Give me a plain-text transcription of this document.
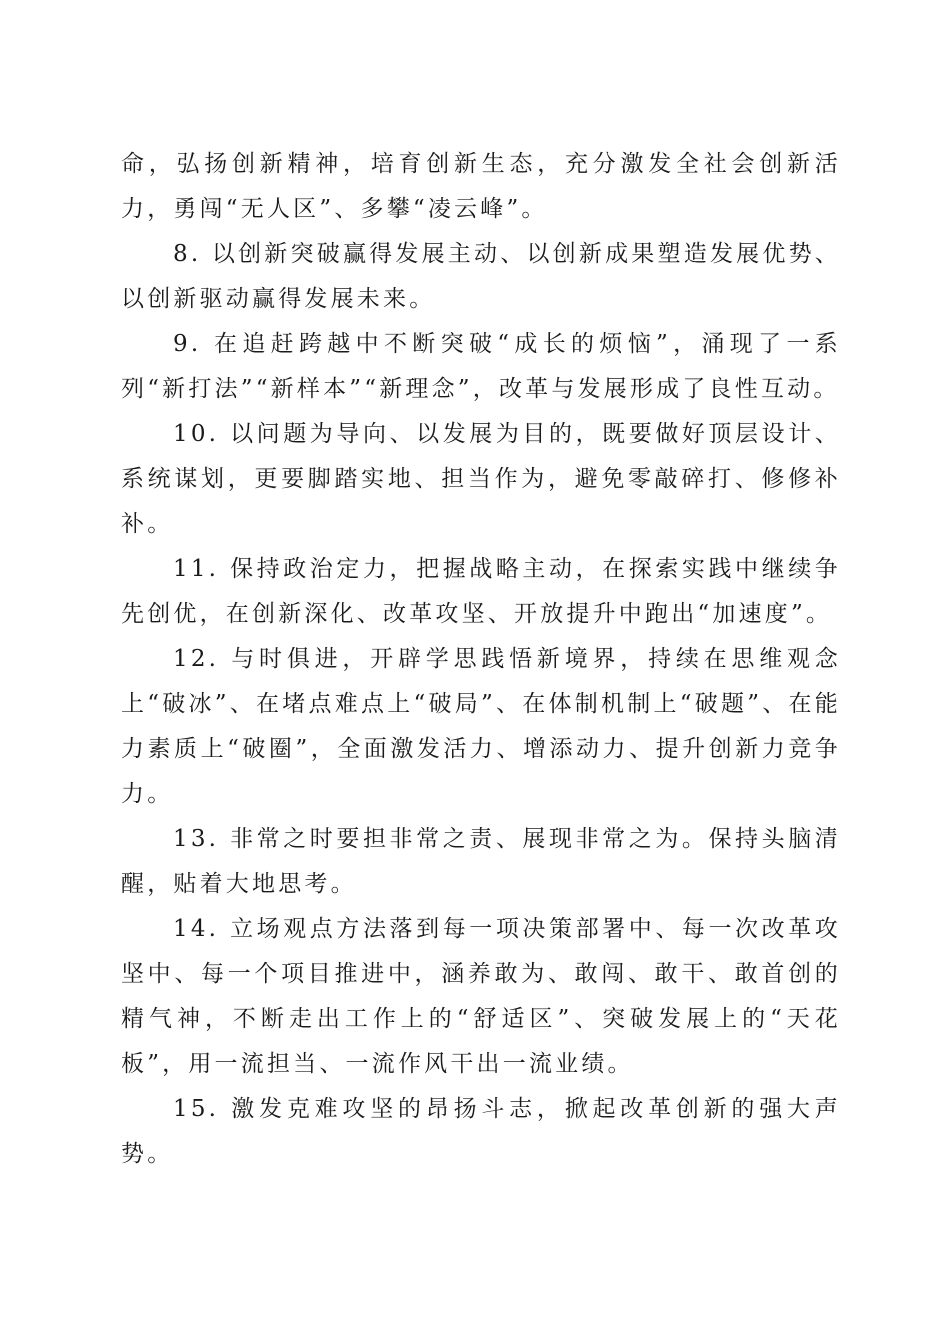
命，弘扬创新精神，培育创新生态，充分激发全社会创新活力，勇闯“无人区”、多攀“凌云峰”。

8. 以创新突破赢得发展主动、以创新成果塑造发展优势、以创新驱动赢得发展未来。

9. 在追赶跨越中不断突破“成长的烦恼”，涌现了一系列“新打法”“新样本”“新理念”，改革与发展形成了良性互动。

10. 以问题为导向、以发展为目的，既要做好顶层设计、系统谋划，更要脚踏实地、担当作为，避免零敲碎打、修修补补。

11. 保持政治定力，把握战略主动，在探索实践中继续争先创优，在创新深化、改革攻坚、开放提升中跑出“加速度”。

12. 与时俱进，开辟学思践悟新境界，持续在思维观念上“破冰”、在堵点难点上“破局”、在体制机制上“破题”、在能力素质上“破圈”，全面激发活力、增添动力、提升创新力竞争力。

13. 非常之时要担非常之责、展现非常之为。保持头脑清醒，贴着大地思考。

14. 立场观点方法落到每一项决策部署中、每一次改革攻坚中、每一个项目推进中，涵养敢为、敢闯、敢干、敢首创的精气神，不断走出工作上的“舒适区”、突破发展上的“天花板”，用一流担当、一流作风干出一流业绩。

15. 激发克难攻坚的昂扬斗志，掀起改革创新的强大声势。
